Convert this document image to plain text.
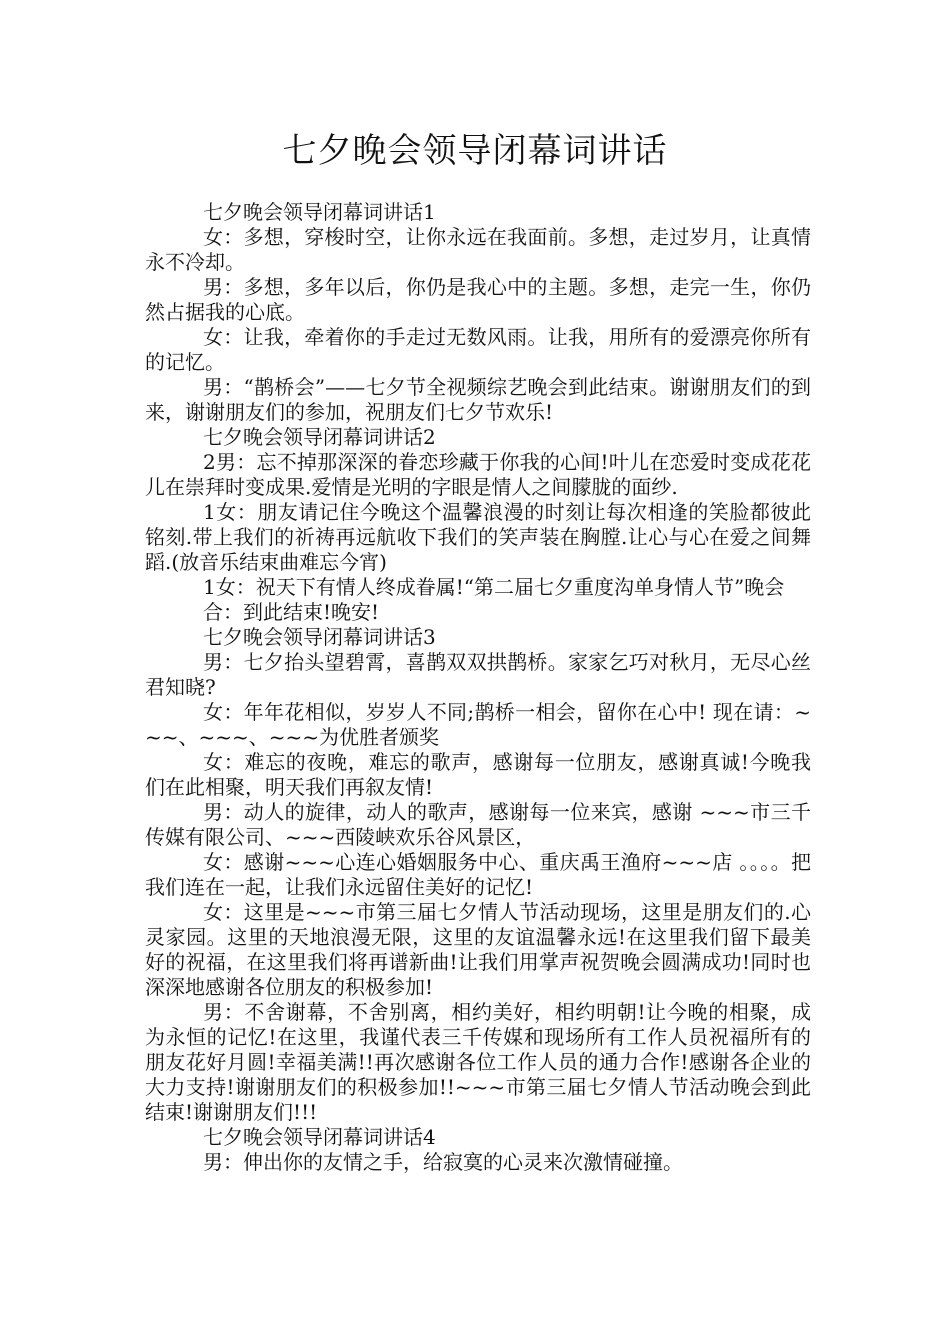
七夕晚会领导闭幕词讲话

七夕晚会领导闭幕词讲话1

女：多想，穿梭时空，让你永远在我面前。多想，走过岁月，让真情永不冷却。

男：多想，多年以后，你仍是我心中的主题。多想，走完一生，你仍然占据我的心底。

女：让我，牵着你的手走过无数风雨。让我，用所有的爱漂亮你所有的记忆。

男：“鹊桥会”——七夕节全视频综艺晚会到此结束。谢谢朋友们的到来，谢谢朋友们的参加，祝朋友们七夕节欢乐!

七夕晚会领导闭幕词讲话2

2男：忘不掉那深深的眷恋珍藏于你我的心间!叶儿在恋爱时变成花花儿在崇拜时变成果.爱情是光明的字眼是情人之间朦胧的面纱.

1女：朋友请记住今晚这个温馨浪漫的时刻让每次相逢的笑脸都彼此铭刻.带上我们的祈祷再远航收下我们的笑声装在胸膛.让心与心在爱之间舞蹈.(放音乐结束曲难忘今宵)

1女：祝天下有情人终成眷属!“第二届七夕重度沟单身情人节”晚会

合：到此结束!晚安!

七夕晚会领导闭幕词讲话3

男：七夕抬头望碧霄，喜鹊双双拱鹊桥。家家乞巧对秋月，无尽心丝君知晓?

女：年年花相似，岁岁人不同;鹊桥一相会，留你在心中! 现在请：~~~、~~~、~~~为优胜者颁奖

女：难忘的夜晚，难忘的歌声，感谢每一位朋友，感谢真诚!今晚我们在此相聚，明天我们再叙友情!

男：动人的旋律，动人的歌声，感谢每一位来宾，感谢 ~~~市三千传媒有限公司、~~~西陵峡欢乐谷风景区，

女：感谢~~~心连心婚姻服务中心、重庆禹王渔府~~~店 。。。。把我们连在一起，让我们永远留住美好的记忆!

女：这里是~~~市第三届七夕情人节活动现场，这里是朋友们的.心灵家园。这里的天地浪漫无限，这里的友谊温馨永远!在这里我们留下最美好的祝福，在这里我们将再谱新曲!让我们用掌声祝贺晚会圆满成功!同时也深深地感谢各位朋友的积极参加!

男：不舍谢幕，不舍别离，相约美好，相约明朝!让今晚的相聚，成为永恒的记忆!在这里，我谨代表三千传媒和现场所有工作人员祝福所有的朋友花好月圆!幸福美满!!再次感谢各位工作人员的通力合作!感谢各企业的大力支持!谢谢朋友们的积极参加!!~~~市第三届七夕情人节活动晚会到此结束!谢谢朋友们!!!

七夕晚会领导闭幕词讲话4

男：伸出你的友情之手，给寂寞的心灵来次激情碰撞。
